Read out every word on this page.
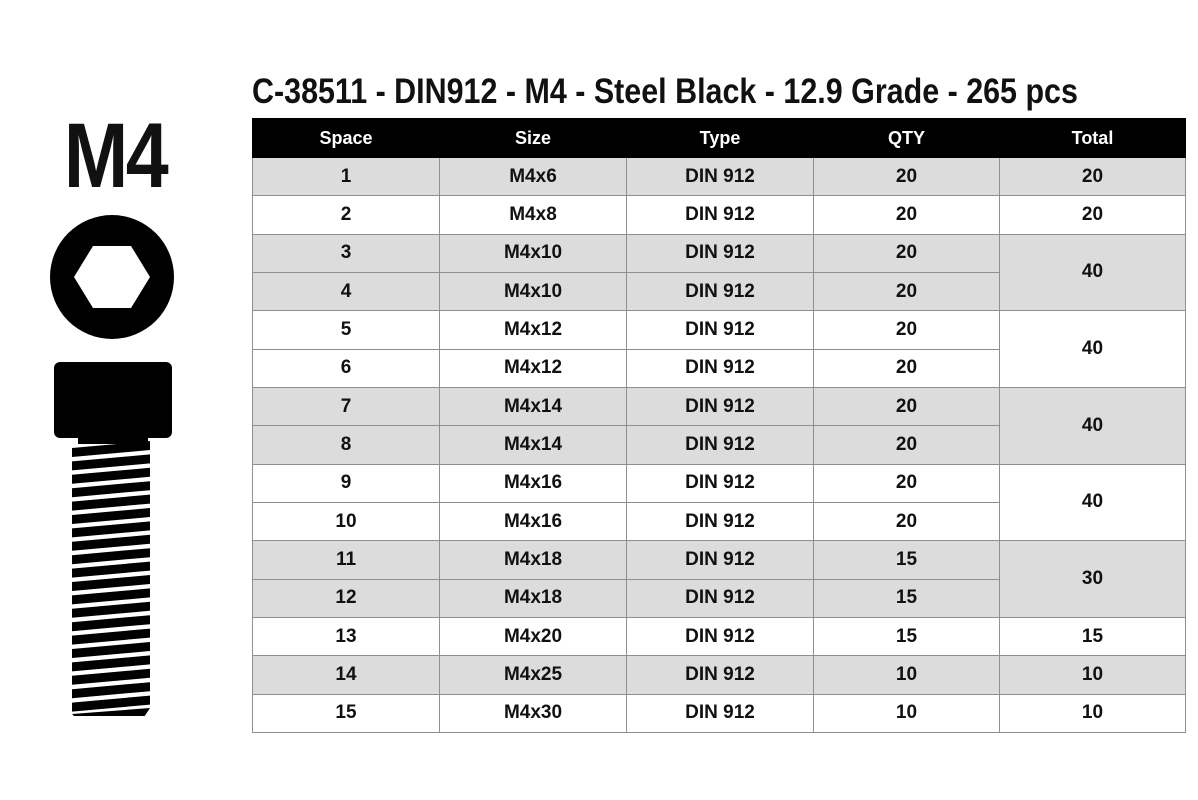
M4
C-38511 - DIN912 - M4 - Steel Black - 12.9 Grade - 265 pcs
Space	Size	Type	QTY	Total
1	M4x6	DIN 912	20	20
2	M4x8	DIN 912	20	20
3	M4x10	DIN 912	20	40
4	M4x10	DIN 912	20	
5	M4x12	DIN 912	20	40
6	M4x12	DIN 912	20	
7	M4x14	DIN 912	20	40
8	M4x14	DIN 912	20	
9	M4x16	DIN 912	20	40
10	M4x16	DIN 912	20	
11	M4x18	DIN 912	15	30
12	M4x18	DIN 912	15	
13	M4x20	DIN 912	15	15
14	M4x25	DIN 912	10	10
15	M4x30	DIN 912	10	10
